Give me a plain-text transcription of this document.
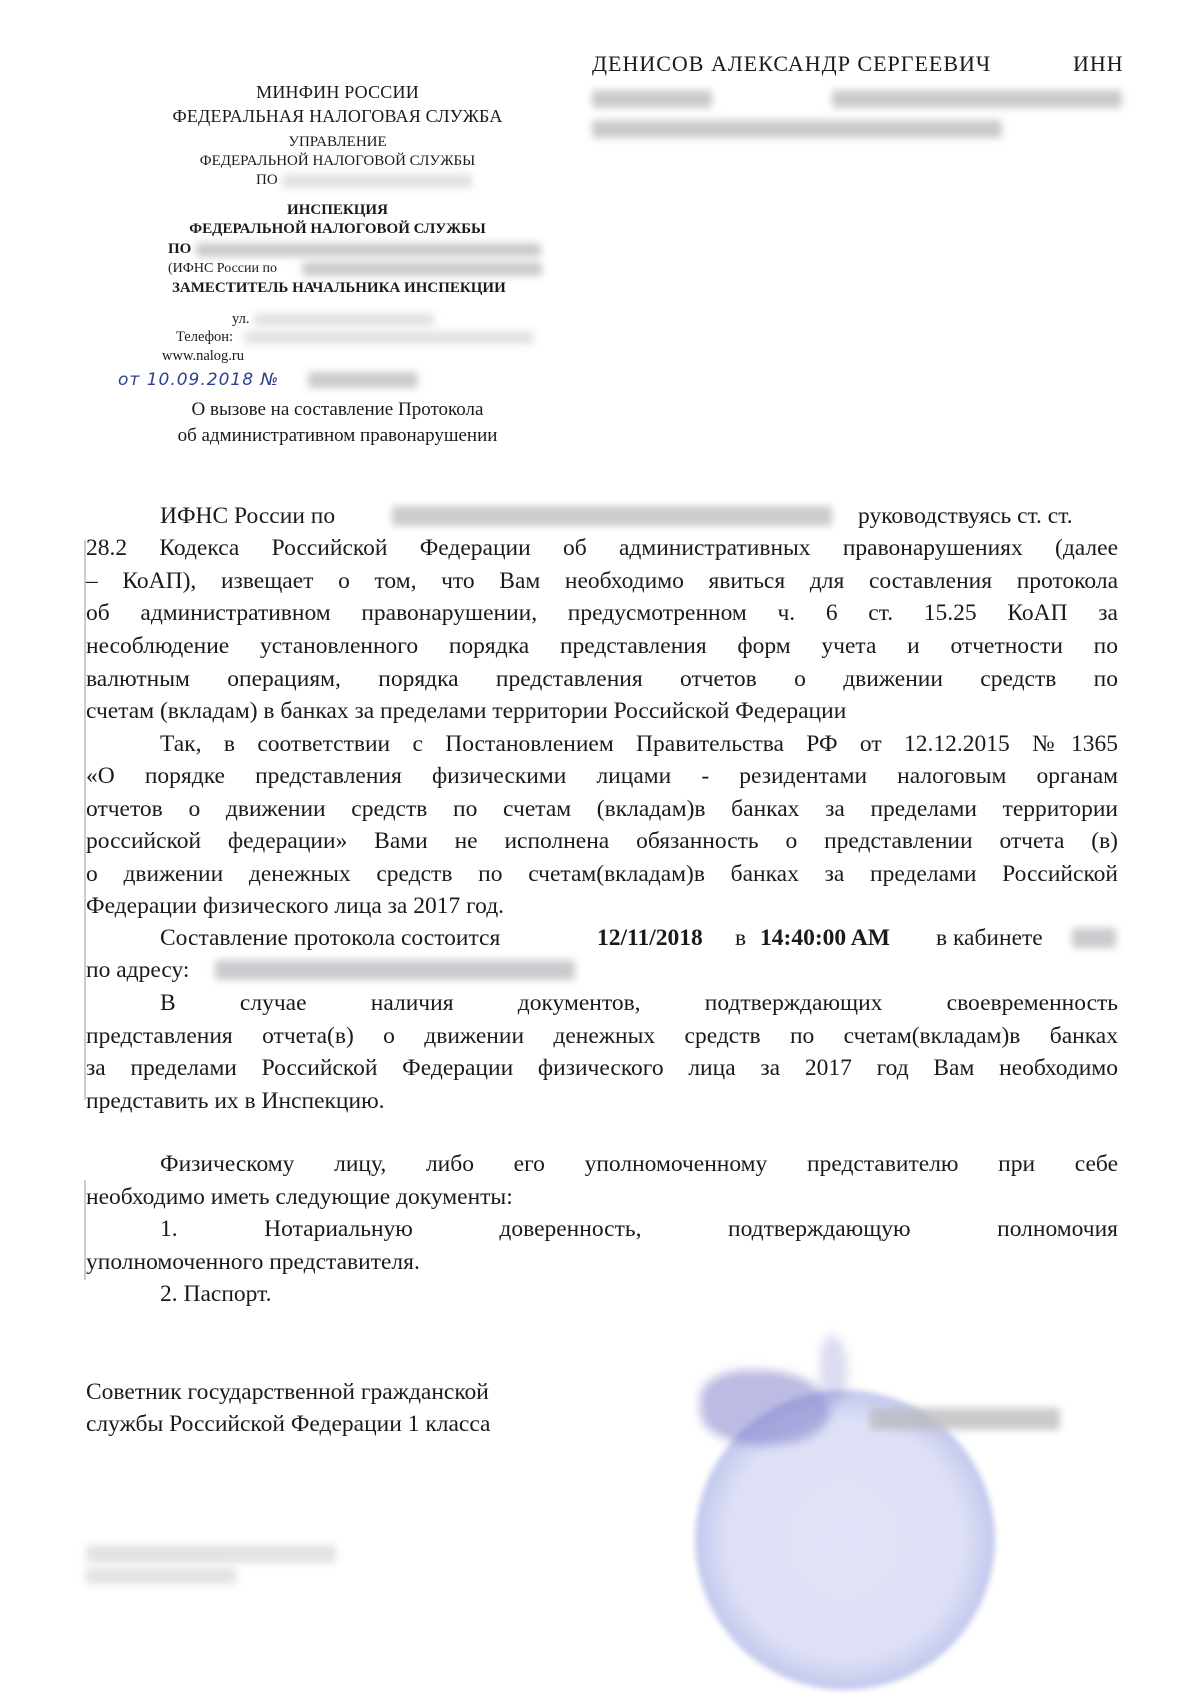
МИНФИН РОССИИ
ФЕДЕРАЛЬНАЯ НАЛОГОВАЯ СЛУЖБА
УПРАВЛЕНИЕ
ФЕДЕРАЛЬНОЙ НАЛОГОВОЙ СЛУЖБЫ
ПО
ИНСПЕКЦИЯ
ФЕДЕРАЛЬНОЙ НАЛОГОВОЙ СЛУЖБЫ
ПО
(ИФНС России по
ЗАМЕСТИТЕЛЬ НАЧАЛЬНИКА ИНСПЕКЦИИ
ул.
Телефон:
www.nalog.ru
от 10.09.2018 №
О вызове на составление Протокола
об административном правонарушении
ДЕНИСОВ АЛЕКСАНДР СЕРГЕЕВИЧ	ИНН
ИФНС России по	руководствуясь ст. ст.
28.2 Кодекса Российской Федерации об административных правонарушениях (далее
– КоАП), извещает о том, что Вам необходимо явиться для составления протокола
об административном правонарушении, предусмотренном ч. 6 ст. 15.25 КоАП за
несоблюдение установленного порядка представления форм учета и отчетности по
валютным операциям, порядка представления отчетов о движении средств по
счетам (вкладам) в банках за пределами территории Российской Федерации
Так, в соответствии с Постановлением Правительства РФ от 12.12.2015 №1365
«О порядке представления физическими лицами - резидентами налоговым органам
отчетов о движении средств по счетам (вкладам)в банках за пределами территории
российской федерации» Вами не исполнена обязанность о представлении отчета (в)
о движении денежных средств по счетам(вкладам)в банках за пределами Российской
Федерации физического лица за 2017 год.
Составление протокола состоится	12/11/2018 в 14:40:00 AM в кабинете
по адресу:
В случае наличия документов, подтверждающих своевременность
представления отчета(в) о движении денежных средств по счетам(вкладам)в банках
за пределами Российской Федерации физического лица за 2017 год Вам необходимо
представить их в Инспекцию.
Физическому лицу, либо его уполномоченному представителю при себе
необходимо иметь следующие документы:
1. Нотариальную доверенность, подтверждающую полномочия
уполномоченного представителя.
2. Паспорт.
Советник государственной гражданской
службы Российской Федерации 1 класса
